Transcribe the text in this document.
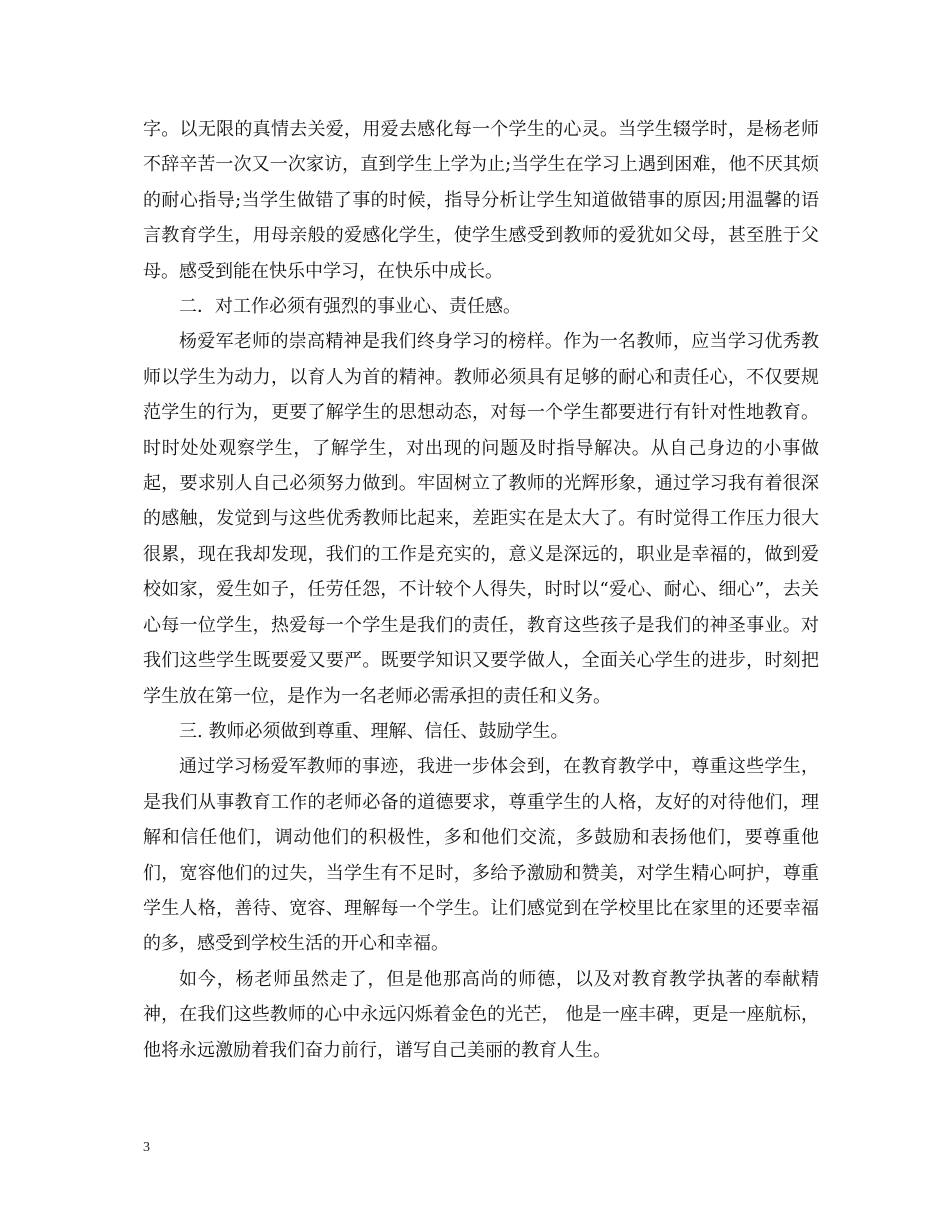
字。以无限的真情去关爱，用爱去感化每一个学生的心灵。当学生辍学时，是杨老师不辞辛苦一次又一次家访，直到学生上学为止;当学生在学习上遇到困难，他不厌其烦的耐心指导;当学生做错了事的时候，指导分析让学生知道做错事的原因;用温馨的语言教育学生，用母亲般的爱感化学生，使学生感受到教师的爱犹如父母，甚至胜于父母。感受到能在快乐中学习，在快乐中成长。

二．对工作必须有强烈的事业心、责任感。

杨爱军老师的崇高精神是我们终身学习的榜样。作为一名教师，应当学习优秀教师以学生为动力，以育人为首的精神。教师必须具有足够的耐心和责任心，不仅要规范学生的行为，更要了解学生的思想动态，对每一个学生都要进行有针对性地教育。时时处处观察学生，了解学生，对出现的问题及时指导解决。从自己身边的小事做起，要求别人自己必须努力做到。牢固树立了教师的光辉形象，通过学习我有着很深的感触，发觉到与这些优秀教师比起来，差距实在是太大了。有时觉得工作压力很大很累，现在我却发现，我们的工作是充实的，意义是深远的，职业是幸福的，做到爱校如家，爱生如子，任劳任怨，不计较个人得失，时时以“爱心、耐心、细心”，去关心每一位学生，热爱每一个学生是我们的责任，教育这些孩子是我们的神圣事业。对我们这些学生既要爱又要严。既要学知识又要学做人，全面关心学生的进步，时刻把学生放在第一位，是作为一名老师必需承担的责任和义务。

三. 教师必须做到尊重、理解、信任、鼓励学生。

通过学习杨爱军教师的事迹，我进一步体会到，在教育教学中，尊重这些学生，是我们从事教育工作的老师必备的道德要求，尊重学生的人格，友好的对待他们，理解和信任他们，调动他们的积极性，多和他们交流，多鼓励和表扬他们，要尊重他们，宽容他们的过失，当学生有不足时，多给予激励和赞美，对学生精心呵护，尊重学生人格，善待、宽容、理解每一个学生。让们感觉到在学校里比在家里的还要幸福的多，感受到学校生活的开心和幸福。

如今，杨老师虽然走了，但是他那高尚的师德，以及对教育教学执著的奉献精神，在我们这些教师的心中永远闪烁着金色的光芒， 他是一座丰碑，更是一座航标，他将永远激励着我们奋力前行，谱写自己美丽的教育人生。

3
